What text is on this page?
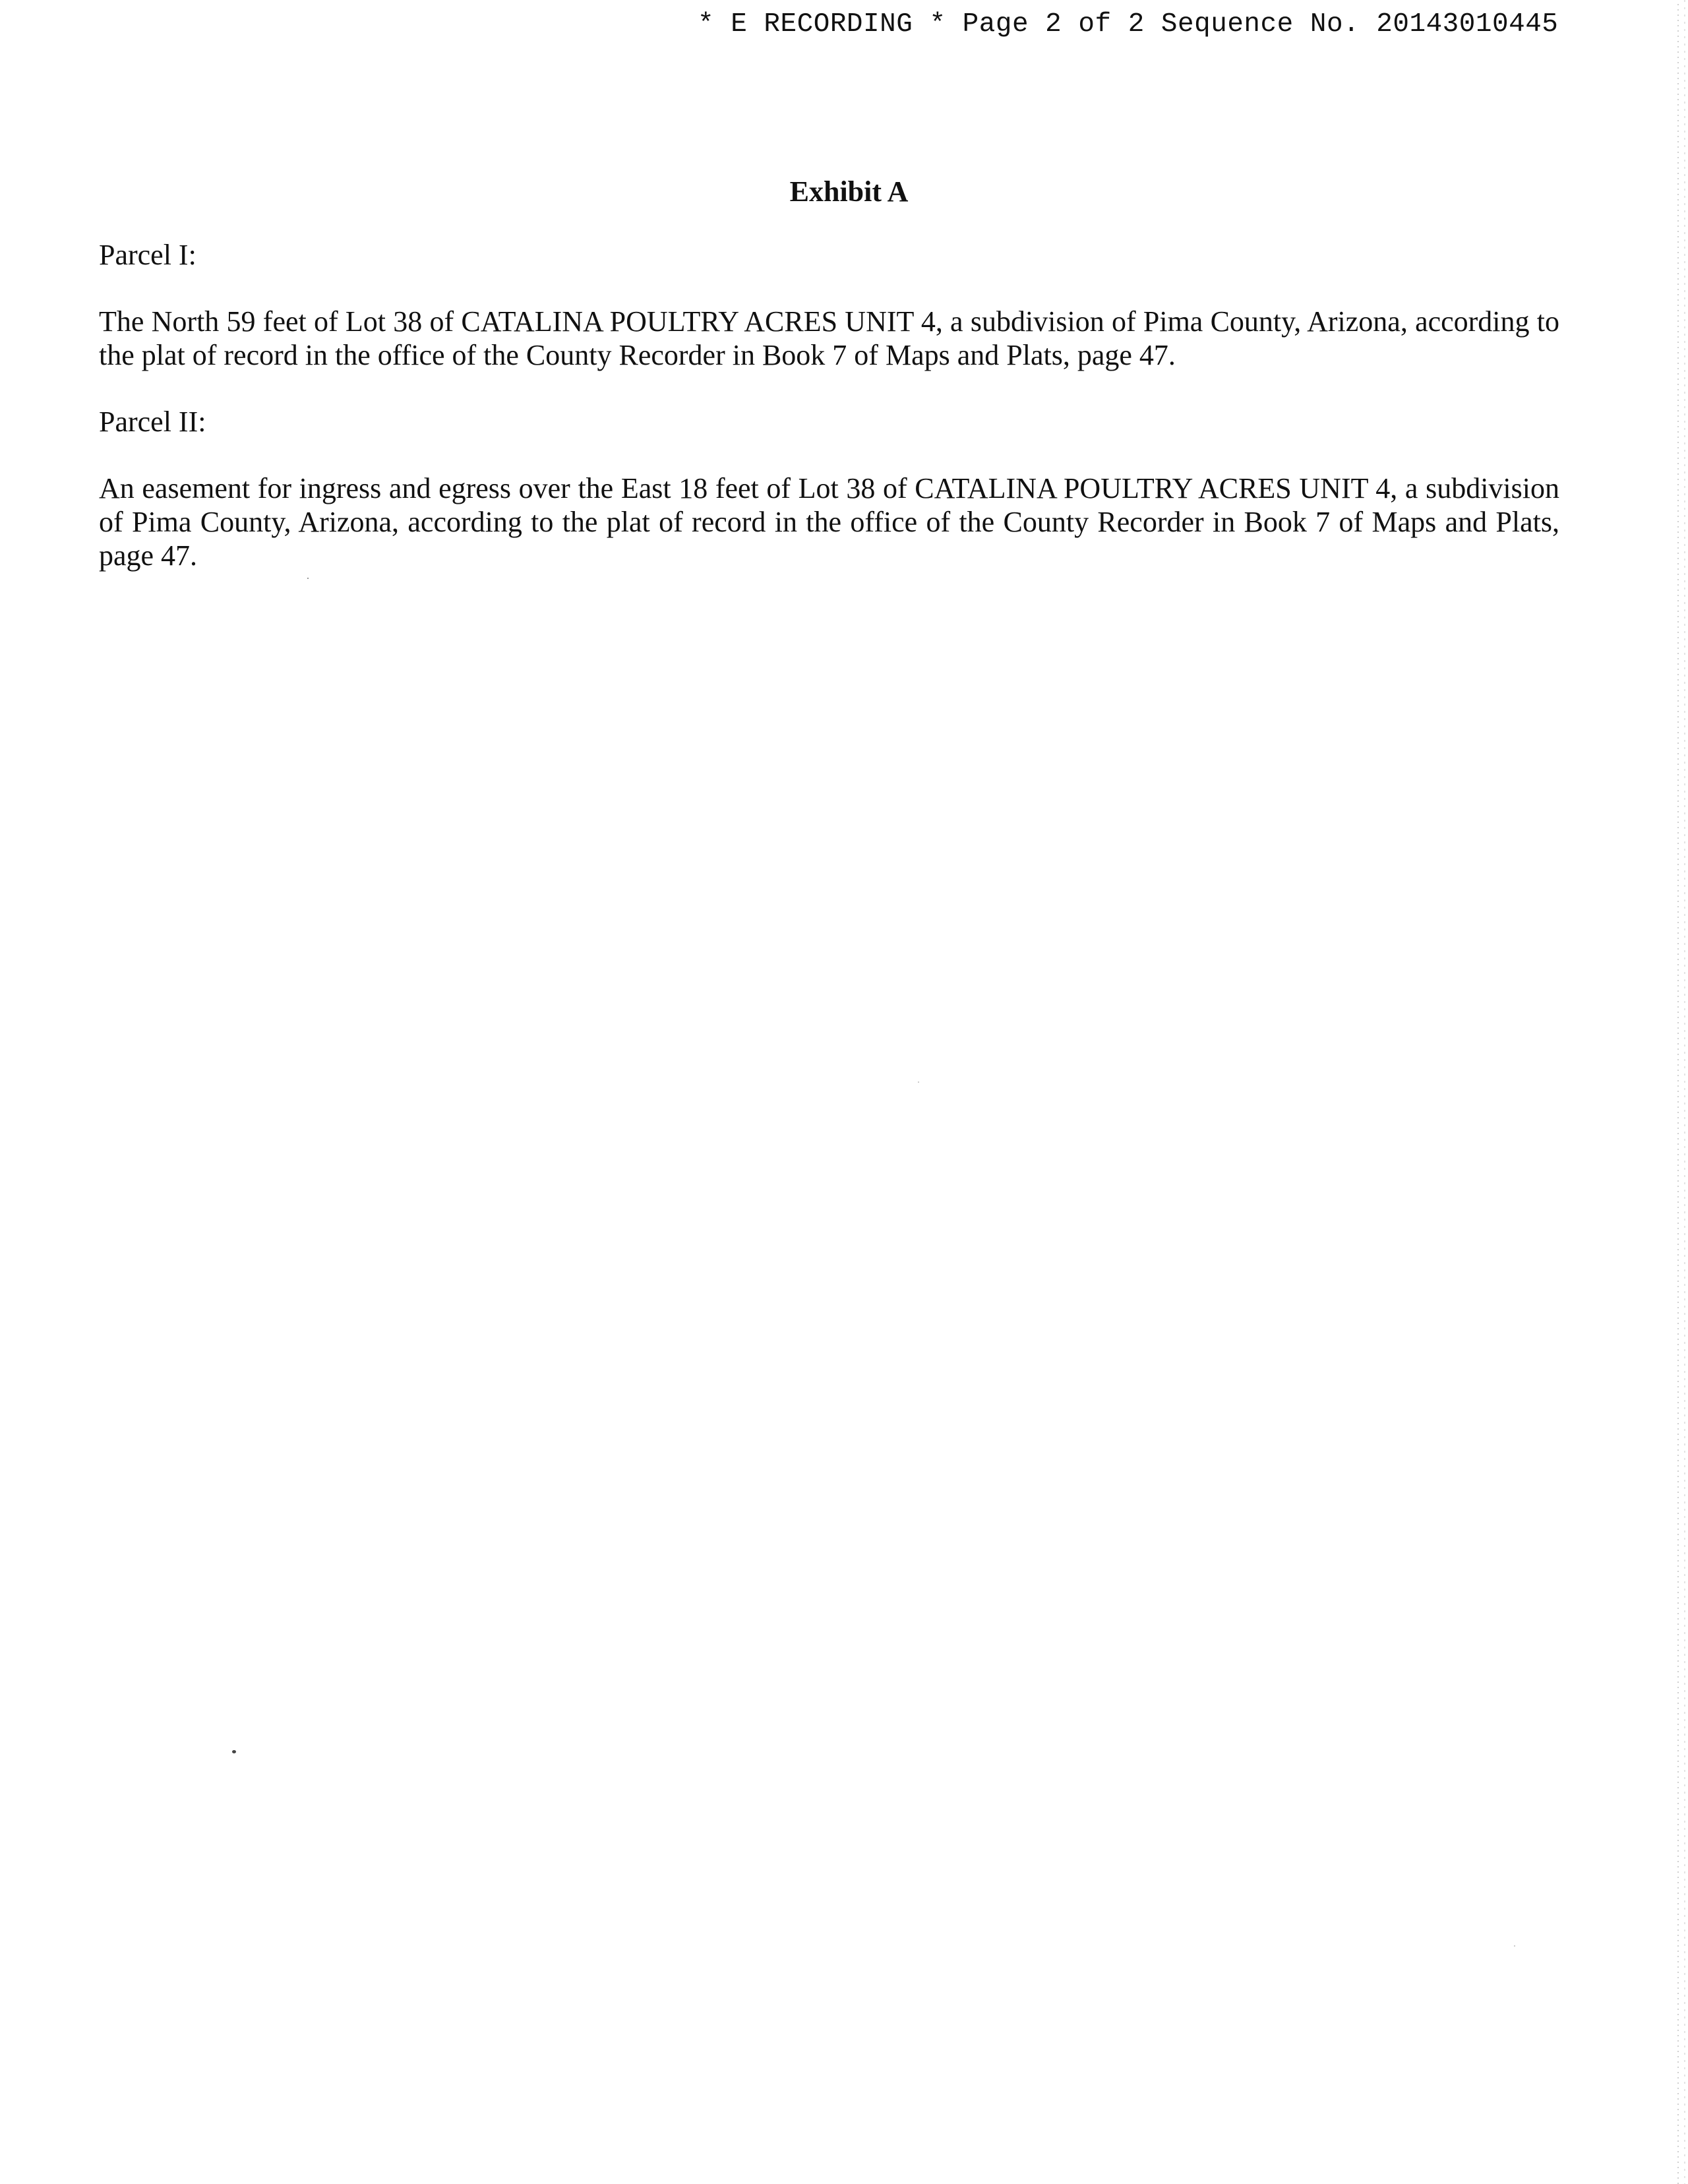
* E RECORDING * Page 2 of 2 Sequence No. 20143010445
Exhibit A
Parcel I:
The North 59 feet of Lot 38 of CATALINA POULTRY ACRES UNIT 4, a subdivision of Pima County, Arizona, according to the plat of record in the office of the County Recorder in Book 7 of Maps and Plats, page 47.
Parcel II:
An easement for ingress and egress over the East 18 feet of Lot 38 of CATALINA POULTRY ACRES UNIT 4, a subdivision of Pima County, Arizona, according to the plat of record in the office of the County Recorder in Book 7 of Maps and Plats, page 47.
